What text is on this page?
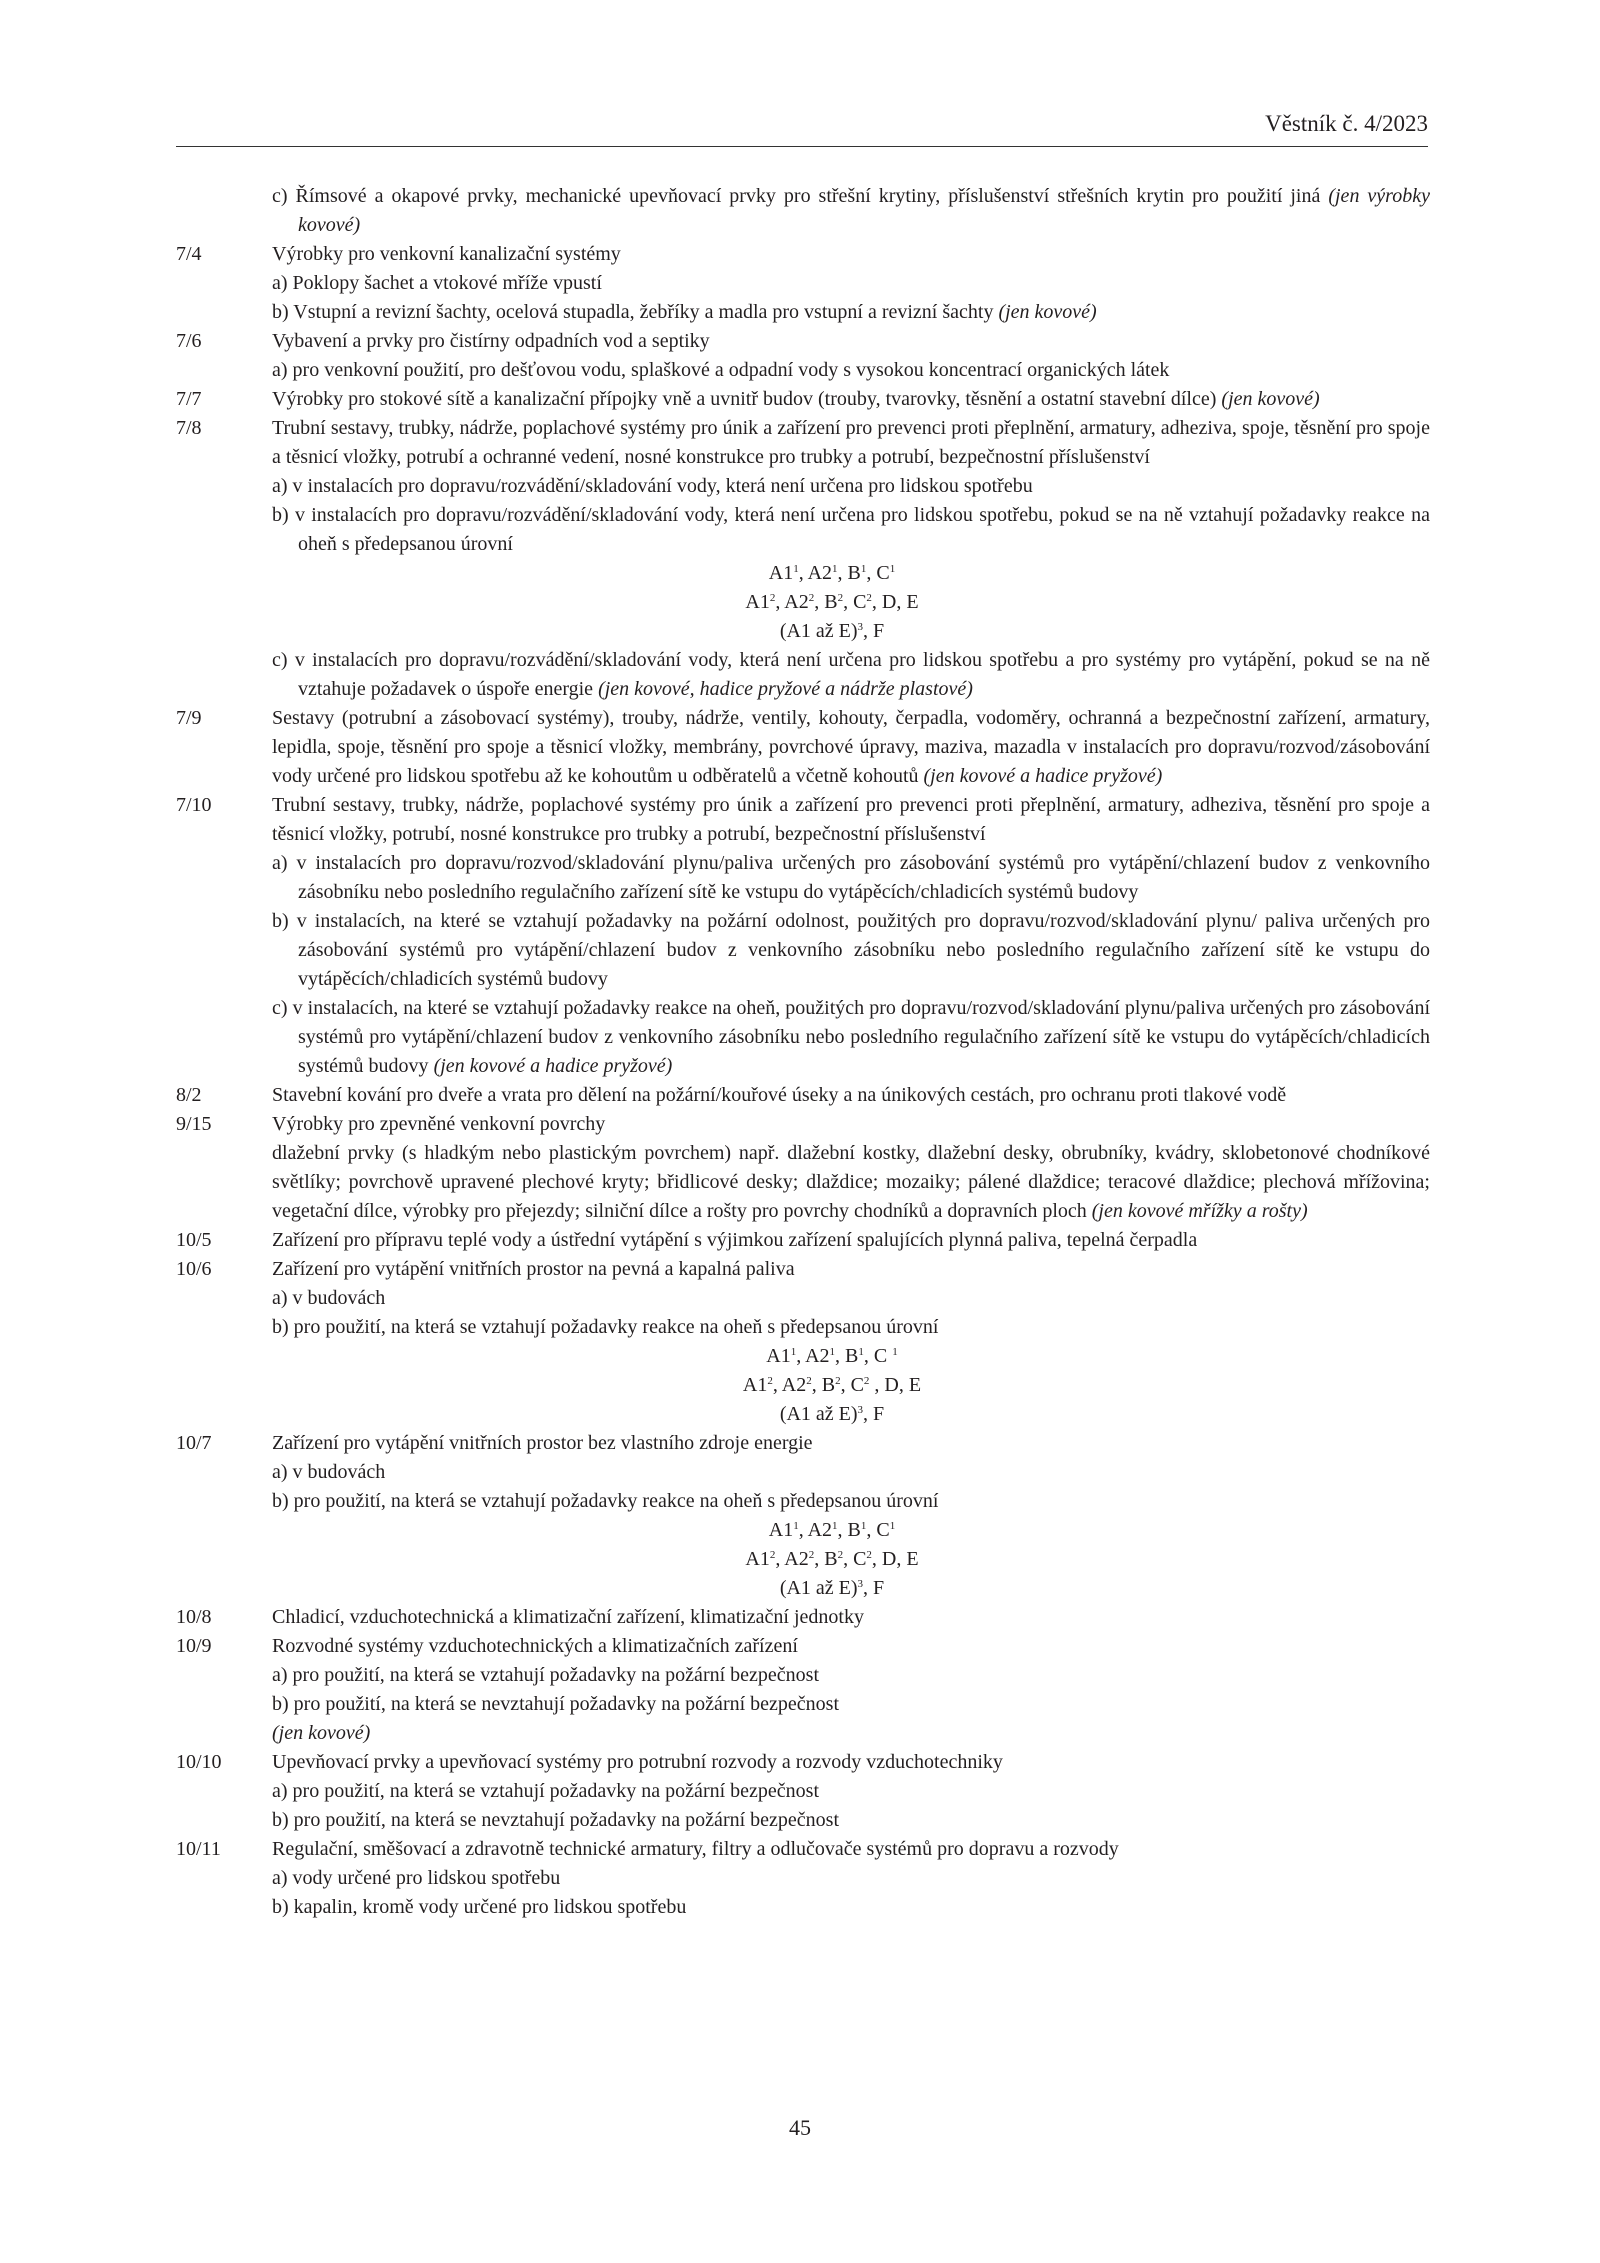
Věstník č. 4/2023
c) Římsové a okapové prvky, mechanické upevňovací prvky pro střešní krytiny, příslušenství střešních krytin pro použití jiná (jen výrobky kovové)
7/4	Výrobky pro venkovní kanalizační systémy
a) Poklopy šachet a vtokové mříže vpustí
b) Vstupní a revizní šachty, ocelová stupadla, žebříky a madla pro vstupní a revizní šachty (jen kovové)
7/6	Vybavení a prvky pro čistírny odpadních vod a septiky
a) pro venkovní použití, pro dešťovou vodu, splaškové a odpadní vody s vysokou koncentrací organických látek
7/7	Výrobky pro stokové sítě a kanalizační přípojky vně a uvnitř budov (trouby, tvarovky, těsnění a ostatní stavební dílce) (jen kovové)
7/8	Trubní sestavy, trubky, nádrže, poplachové systémy pro únik a zařízení pro prevenci proti přeplnění, armatury, adheziva, spoje, těsnění pro spoje a těsnicí vložky, potrubí a ochranné vedení, nosné konstrukce pro trubky a potrubí, bezpečnostní příslušenství
a) v instalacích pro dopravu/rozvádění/skladování vody, která není určena pro lidskou spotřebu
b) v instalacích pro dopravu/rozvádění/skladování vody, která není určena pro lidskou spotřebu, pokud se na ně vztahují požadavky reakce na oheň s předepsanou úrovní
$A1^1$, $A2^1$, $B^1$, $C^1$
$A1^2$, $A2^2$, $B^2$, $C^2$, D, E
(A1 až E)$^3$, F
c) v instalacích pro dopravu/rozvádění/skladování vody, která není určena pro lidskou spotřebu a pro systémy pro vytápění, pokud se na ně vztahuje požadavek o úspoře energie (jen kovové, hadice pryžové a nádrže plastové)
7/9	Sestavy (potrubní a zásobovací systémy), trouby, nádrže, ventily, kohouty, čerpadla, vodoměry, ochranná a bezpečnostní zařízení, armatury, lepidla, spoje, těsnění pro spoje a těsnicí vložky, membrány, povrchové úpravy, maziva, mazadla v instalacích pro dopravu/rozvod/zásobování vody určené pro lidskou spotřebu až ke kohoutům u odběratelů a včetně kohoutů (jen kovové a hadice pryžové)
7/10	Trubní sestavy, trubky, nádrže, poplachové systémy pro únik a zařízení pro prevenci proti přeplnění, armatury, adheziva, těsnění pro spoje a těsnicí vložky, potrubí, nosné konstrukce pro trubky a potrubí, bezpečnostní příslušenství
a) v instalacích pro dopravu/rozvod/skladování plynu/paliva určených pro zásobování systémů pro vytápění/chlazení budov z venkovního zásobníku nebo posledního regulačního zařízení sítě ke vstupu do vytápěcích/chladicích systémů budovy
b) v instalacích, na které se vztahují požadavky na požární odolnost, použitých pro dopravu/rozvod/skladování plynu/ paliva určených pro zásobování systémů pro vytápění/chlazení budov z venkovního zásobníku nebo posledního regulačního zařízení sítě ke vstupu do vytápěcích/chladicích systémů budovy
c) v instalacích, na které se vztahují požadavky reakce na oheň, použitých pro dopravu/rozvod/skladování plynu/paliva určených pro zásobování systémů pro vytápění/chlazení budov z venkovního zásobníku nebo posledního regulačního zařízení sítě ke vstupu do vytápěcích/chladicích systémů budovy (jen kovové a hadice pryžové)
8/2	Stavební kování pro dveře a vrata pro dělení na požární/kouřové úseky a na únikových cestách, pro ochranu proti tlakové vodě
9/15	Výrobky pro zpevněné venkovní povrchy
dlažební prvky (s hladkým nebo plastickým povrchem) např. dlažební kostky, dlažební desky, obrubníky, kvádry, sklobetonové chodníkové světlíky; povrchově upravené plechové kryty; břidlicové desky; dlaždice; mozaiky; pálené dlaždice; teracové dlaždice; plechová mřížovina; vegetační dílce, výrobky pro přejezdy; silniční dílce a rošty pro povrchy chodníků a dopravních ploch (jen kovové mřížky a rošty)
10/5	Zařízení pro přípravu teplé vody a ústřední vytápění s výjimkou zařízení spalujících plynná paliva, tepelná čerpadla
10/6	Zařízení pro vytápění vnitřních prostor na pevná a kapalná paliva
a) v budovách
b) pro použití, na která se vztahují požadavky reakce na oheň s předepsanou úrovní
$A1^1$, $A2^1$, $B^1$, C $^1$
$A1^2$, $A2^2$, $B^2$, $C^2$ , D, E
(A1 až E)$^3$, F
10/7	Zařízení pro vytápění vnitřních prostor bez vlastního zdroje energie
a) v budovách
b) pro použití, na která se vztahují požadavky reakce na oheň s předepsanou úrovní
$A1^1$, $A2^1$, $B^1$, $C^1$
$A1^2$, $A2^2$, $B^2$, $C^2$, D, E
(A1 až E)$^3$, F
10/8	Chladicí, vzduchotechnická a klimatizační zařízení, klimatizační jednotky
10/9	Rozvodné systémy vzduchotechnických a klimatizačních zařízení
a) pro použití, na která se vztahují požadavky na požární bezpečnost
b) pro použití, na která se nevztahují požadavky na požární bezpečnost
(jen kovové)
10/10	Upevňovací prvky a upevňovací systémy pro potrubní rozvody a rozvody vzduchotechniky
a) pro použití, na která se vztahují požadavky na požární bezpečnost
b) pro použití, na která se nevztahují požadavky na požární bezpečnost
10/11	Regulační, směšovací a zdravotně technické armatury, filtry a odlučovače systémů pro dopravu a rozvody
a) vody určené pro lidskou spotřebu
b) kapalin, kromě vody určené pro lidskou spotřebu
45
